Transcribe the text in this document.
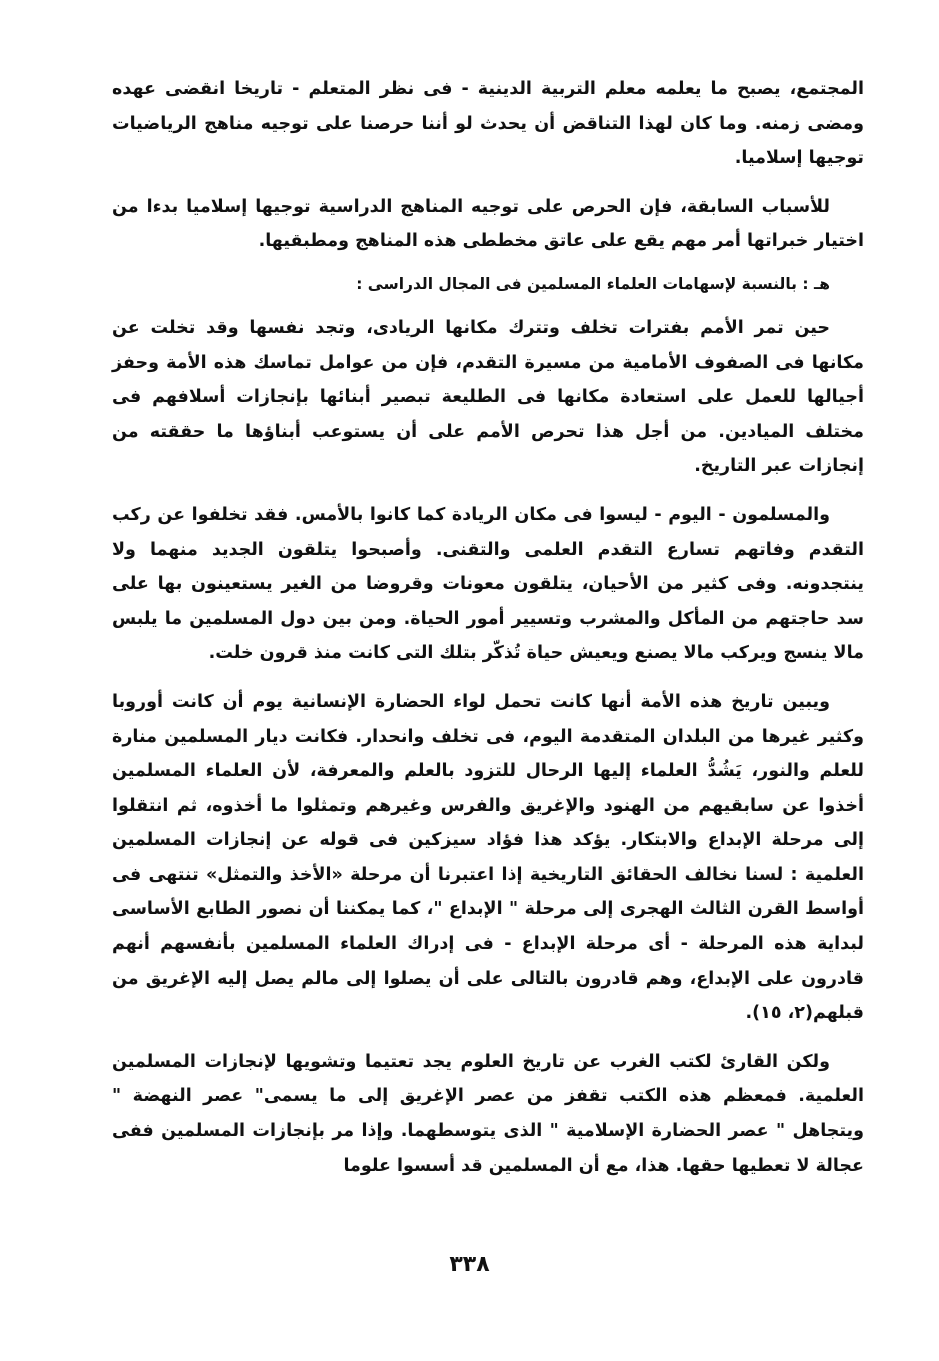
المجتمع، يصبح ما يعلمه معلم التربية الدينية - فى نظر المتعلم - تاريخا انقضى عهده ومضى زمنه. وما كان لهذا التناقض أن يحدث لو أننا حرصنا على توجيه مناهج الرياضيات توجيها إسلاميا.

للأسباب السابقة، فإن الحرص على توجيه المناهج الدراسية توجيها إسلاميا بدءا من اختيار خبراتها أمر مهم يقع على عاتق مخططى هذه المناهج ومطبقيها.

هـ : بالنسبة لإسهامات العلماء المسلمين فى المجال الدراسى :

حين تمر الأمم بفترات تخلف وتترك مكانها الريادى، وتجد نفسها وقد تخلت عن مكانها فى الصفوف الأمامية من مسيرة التقدم، فإن من عوامل تماسك هذه الأمة وحفز أجيالها للعمل على استعادة مكانها فى الطليعة تبصير أبنائها بإنجازات أسلافهم فى مختلف الميادين. من أجل هذا تحرص الأمم على أن يستوعب أبناؤها ما حققته من إنجازات عبر التاريخ.

والمسلمون - اليوم - ليسوا فى مكان الريادة كما كانوا بالأمس. فقد تخلفوا عن ركب التقدم وفاتهم تسارع التقدم العلمى والتقنى. وأصبحوا يتلقون الجديد منهما ولا ينتجدونه. وفى كثير من الأحيان، يتلقون معونات وقروضا من الغير يستعينون بها على سد حاجتهم من المأكل والمشرب وتسيير أمور الحياة. ومن بين دول المسلمين ما يلبس مالا ينسج ويركب مالا يصنع ويعيش حياة تُذكّر بتلك التى كانت منذ قرون خلت.

ويبين تاريخ هذه الأمة أنها كانت تحمل لواء الحضارة الإنسانية يوم أن كانت أوروبا وكثير غيرها من البلدان المتقدمة اليوم، فى تخلف وانحدار. فكانت ديار المسلمين منارة للعلم والنور، يَشُدُّ العلماء إليها الرحال للتزود بالعلم والمعرفة، لأن العلماء المسلمين أخذوا عن سابقيهم من الهنود والإغريق والفرس وغيرهم وتمثلوا ما أخذوه، ثم انتقلوا إلى مرحلة الإبداع والابتكار. يؤكد هذا فؤاد سيزكين فى قوله عن إنجازات المسلمين العلمية : لسنا نخالف الحقائق التاريخية إذا اعتبرنا أن مرحلة «الأخذ والتمثل» تنتهى فى أواسط القرن الثالث الهجرى إلى مرحلة " الإبداع "، كما يمكننا أن نصور الطابع الأساسى لبداية هذه المرحلة - أى مرحلة الإبداع - فى إدراك العلماء المسلمين بأنفسهم أنهم قادرون على الإبداع، وهم قادرون بالتالى على أن يصلوا إلى مالم يصل إليه الإغريق من قبلهم(٢، ١٥).

ولكن القارئ لكتب الغرب عن تاريخ العلوم يجد تعتيما وتشويها لإنجازات المسلمين العلمية. فمعظم هذه الكتب تقفز من عصر الإغريق إلى ما يسمى" عصر النهضة " ويتجاهل " عصر الحضارة الإسلامية " الذى يتوسطهما. وإذا مر بإنجازات المسلمين ففى عجالة لا تعطيها حقها. هذا، مع أن المسلمين قد أسسوا علوما

٣٣٨
